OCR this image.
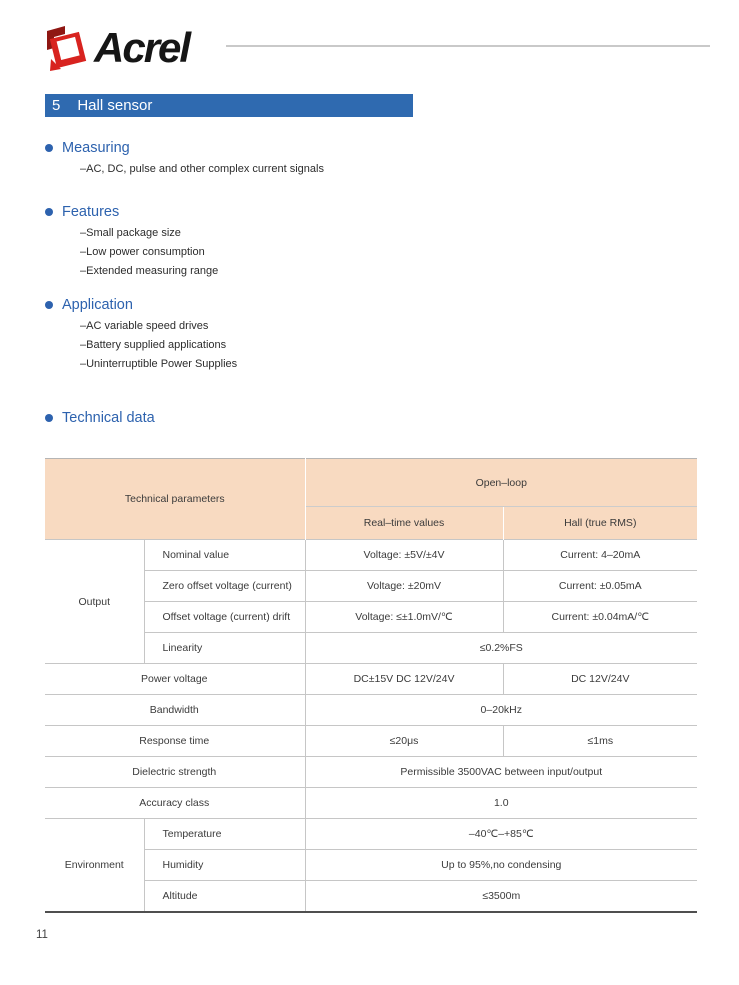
Acrel
5 Hall sensor
Measuring
–AC, DC, pulse and other complex current signals
Features
–Small package size
–Low power consumption
–Extended measuring range
Application
–AC variable speed drives
–Battery supplied applications
–Uninterruptible Power Supplies
Technical data
Technical parameters		Open–loop	
		Real–time values	Hall (true RMS)
Output	Nominal value	Voltage: ±5V/±4V	Current: 4–20mA
	Zero offset voltage (current)	Voltage: ±20mV	Current: ±0.05mA
	Offset voltage (current) drift	Voltage: ≤±1.0mV/℃	Current: ±0.04mA/℃
	Linearity	≤0.2%FS	
Power voltage		DC±15V DC 12V/24V	DC 12V/24V
Bandwidth		0–20kHz	
Response time		≤20μs	≤1ms
Dielectric strength		Permissible 3500VAC between input/output	
Accuracy class		1.0	
Environment	Temperature	–40℃–+85℃	
	Humidity	Up to 95%,no condensing	
	Altitude	≤3500m	
11
